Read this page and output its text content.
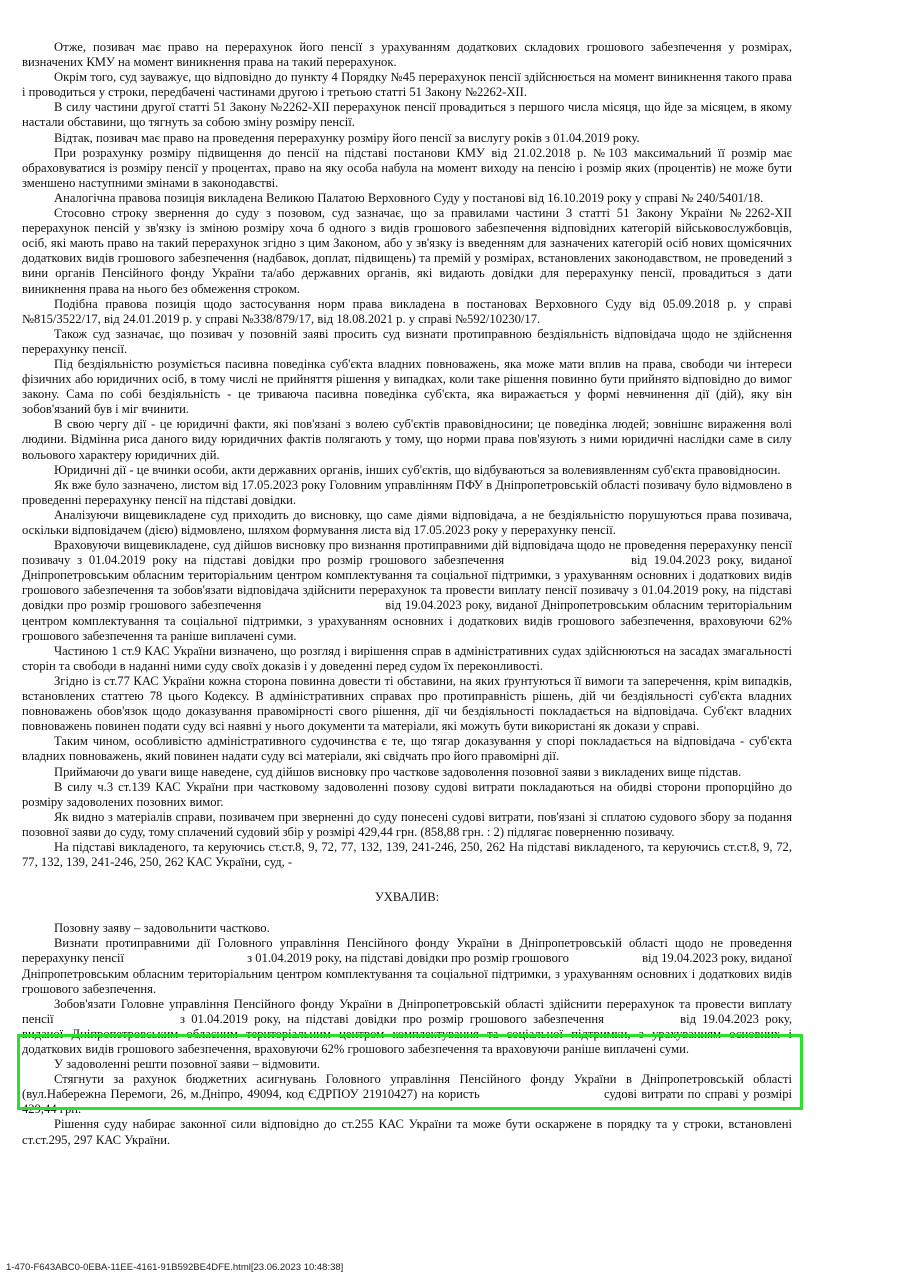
Отже, позивач має право на перерахунок його пенсії з урахуванням додаткових складових грошового забезпечення у розмірах, визначених КМУ на момент виникнення права на такий перерахунок.

Окрім того, суд зауважує, що відповідно до пункту 4 Порядку №45 перерахунок пенсії здійснюється на момент виникнення такого права і проводиться у строки, передбачені частинами другою і третьою статті 51 Закону №2262-XII.

В силу частини другої статті 51 Закону №2262-XII перерахунок пенсії провадиться з першого числа місяця, що йде за місяцем, в якому настали обставини, що тягнуть за собою зміну розміру пенсії.

Відтак, позивач має право на проведення перерахунку розміру його пенсії за вислугу років з 01.04.2019 року.

При розрахунку розміру підвищення до пенсії на підставі постанови КМУ від 21.02.2018 р. №103 максимальний її розмір має обраховуватися із розміру пенсії у процентах, право на яку особа набула на момент виходу на пенсію і розмір яких (процентів) не може бути зменшено наступними змінами в законодавстві.

Аналогічна правова позиція викладена Великою Палатою Верховного Суду у постанові від 16.10.2019 року у справі № 240/5401/18.

Стосовно строку звернення до суду з позовом, суд зазначає, що за правилами частини 3 статті 51 Закону України №2262-XII перерахунок пенсій у зв'язку із зміною розміру хоча б одного з видів грошового забезпечення відповідних категорій військовослужбовців, осіб, які мають право на такий перерахунок згідно з цим Законом, або у зв'язку із введенням для зазначених категорій осіб нових щомісячних додаткових видів грошового забезпечення (надбавок, доплат, підвищень) та премій у розмірах, встановлених законодавством, не проведений з вини органів Пенсійного фонду України та/або державних органів, які видають довідки для перерахунку пенсії, провадиться з дати виникнення права на нього без обмеження строком.

Подібна правова позиція щодо застосування норм права викладена в постановах Верховного Суду від 05.09.2018 р. у справі №815/3522/17, від 24.01.2019 р. у справі №338/879/17, від 18.08.2021 р. у справі №592/10230/17.

Також суд зазначає, що позивач у позовній заяві просить суд визнати протиправною бездіяльність відповідача щодо не здійснення перерахунку пенсії.

Під бездіяльністю розуміється пасивна поведінка суб'єкта владних повноважень, яка може мати вплив на права, свободи чи інтереси фізичних або юридичних осіб, в тому числі не прийняття рішення у випадках, коли таке рішення повинно бути прийнято відповідно до вимог закону. Сама по собі бездіяльність - це триваюча пасивна поведінка суб'єкта, яка виражається у формі невчинення дії (дій), яку він зобов'язаний був і міг вчинити.

В свою чергу дії - це юридичні факти, які пов'язані з волею суб'єктів правовідносини; це поведінка людей; зовнішнє вираження волі людини. Відмінна риса даного виду юридичних фактів полягають у тому, що норми права пов'язують з ними юридичні наслідки саме в силу вольового характеру юридичних дій.

Юридичні дії - це вчинки особи, акти державних органів, інших суб'єктів, що відбуваються за волевиявленням суб'єкта правовідносин.

Як вже було зазначено, листом від 17.05.2023 року Головним управлінням ПФУ в Дніпропетровській області позивачу було відмовлено в проведенні перерахунку пенсії на підставі довідки.

Аналізуючи вищевикладене суд приходить до висновку, що саме діями відповідача, а не бездіяльністю порушуються права позивача, оскільки відповідачем (дією) відмовлено, шляхом формування листа від 17.05.2023 року у перерахунку пенсії.

Враховуючи вищевикладене, суд дійшов висновку про визнання протиправними дій відповідача щодо не проведення перерахунку пенсії позивачу з 01.04.2019 року на підставі довідки про розмір грошового забезпечення	від 19.04.2023 року, виданої Дніпропетровським обласним територіальним центром комплектування та соціальної підтримки, з урахуванням основних і додаткових видів грошового забезпечення та зобов'язати відповідача здійснити перерахунок та провести виплату пенсії позивачу з 01.04.2019 року, на підставі довідки про розмір грошового забезпечення	від 19.04.2023 року, виданої Дніпропетровським обласним територіальним центром комплектування та соціальної підтримки, з урахуванням основних і додаткових видів грошового забезпечення, враховуючи 62% грошового забезпечення та раніше виплачені суми.

Частиною 1 ст.9 КАС України визначено, що розгляд і вирішення справ в адміністративних судах здійснюються на засадах змагальності сторін та свободи в наданні ними суду своїх доказів і у доведенні перед судом їх переконливості.

Згідно із ст.77 КАС України кожна сторона повинна довести ті обставини, на яких ґрунтуються її вимоги та заперечення, крім випадків, встановлених статтею 78 цього Кодексу. В адміністративних справах про протиправність рішень, дій чи бездіяльності суб'єкта владних повноважень обов'язок щодо доказування правомірності свого рішення, дії чи бездіяльності покладається на відповідача. Суб'єкт владних повноважень повинен подати суду всі наявні у нього документи та матеріали, які можуть бути використані як докази у справі.

Таким чином, особливістю адміністративного судочинства є те, що тягар доказування у спорі покладається на відповідача - суб'єкта владних повноважень, який повинен надати суду всі матеріали, які свідчать про його правомірні дії.

Приймаючи до уваги вище наведене, суд дійшов висновку про часткове задоволення позовної заяви з викладених вище підстав.

В силу ч.3 ст.139 КАС України при частковому задоволенні позову судові витрати покладаються на обидві сторони пропорційно до розміру задоволених позовних вимог.

Як видно з матеріалів справи, позивачем при зверненні до суду понесені судові витрати, пов'язані зі сплатою судового збору за подання позовної заяви до суду, тому сплачений судовий збір у розмірі 429,44 грн. (858,88 грн. : 2) підлягає поверненню позивачу.

На підставі викладеного, та керуючись ст.ст.8, 9, 72, 77, 132, 139, 241-246, 250, 262 На підставі викладеного, та керуючись ст.ст.8, 9, 72, 77, 132, 139, 241-246, 250, 262 КАС України, суд, -

УХВАЛИВ:

Позовну заяву – задовольнити частково.

Визнати протиправними дії Головного управління Пенсійного фонду України в Дніпропетровській області щодо не проведення перерахунку пенсії	з 01.04.2019 року, на підставі довідки про розмір грошового	від 19.04.2023 року, виданої Дніпропетровським обласним територіальним центром комплектування та соціальної підтримки, з урахуванням основних і додаткових видів грошового забезпечення.

Зобов'язати Головне управління Пенсійного фонду України в Дніпропетровській області здійснити перерахунок та провести виплату пенсії	з 01.04.2019 року, на підставі довідки про розмір грошового забезпечення	від 19.04.2023 року, виданої Дніпропетровським обласним територіальним центром комплектування та соціальної підтримки, з урахуванням основних і додаткових видів грошового забезпечення, враховуючи 62% грошового забезпечення та враховуючи раніше виплачені суми.

У задоволенні решти позовної заяви – відмовити.

Стягнути за рахунок бюджетних асигнувань Головного управління Пенсійного фонду України в Дніпропетровській області (вул.Набережна Перемоги, 26, м.Дніпро, 49094, код ЄДРПОУ 21910427) на користь	судові витрати по справі у розмірі 429,44 грн.

Рішення суду набирає законної сили відповідно до ст.255 КАС України та може бути оскаржене в порядку та у строки, встановлені ст.ст.295, 297 КАС України.

1-470-F643ABC0-0EBA-11EE-4161-91B592BE4DFE.html[23.06.2023 10:48:38]
